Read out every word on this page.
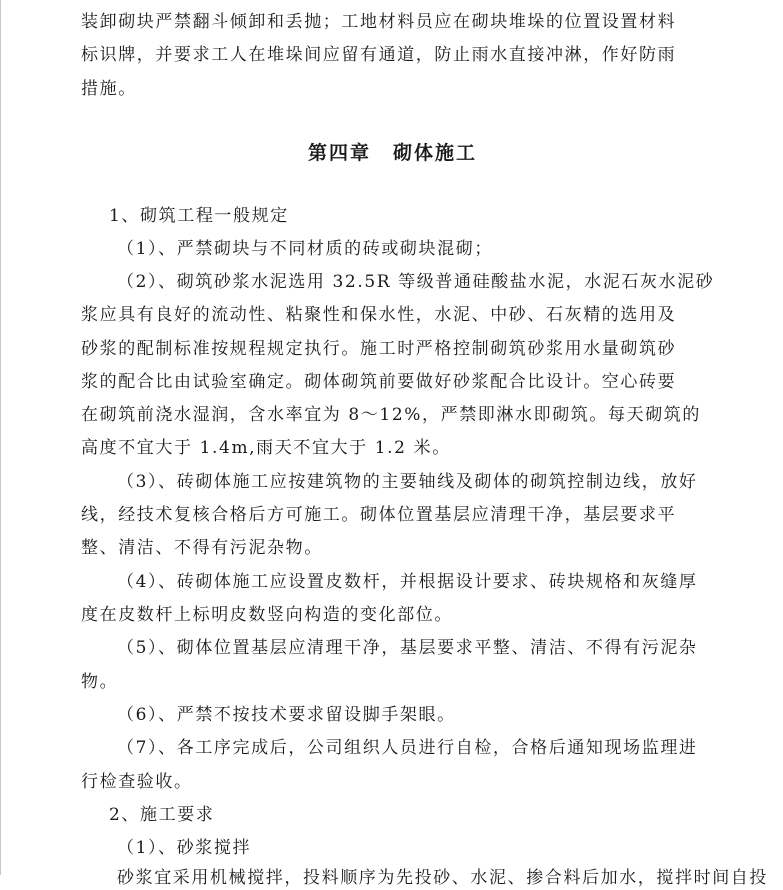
装卸砌块严禁翻斗倾卸和丢抛；工地材料员应在砌块堆垛的位置设置材料
标识牌，并要求工人在堆垛间应留有通道，防止雨水直接冲淋，作好防雨
措施。
第四章 砌体施工
1、砌筑工程一般规定
（1）、严禁砌块与不同材质的砖或砌块混砌；
（2）、砌筑砂浆水泥选用 32.5R 等级普通硅酸盐水泥，水泥石灰水泥砂
浆应具有良好的流动性、粘聚性和保水性，水泥、中砂、石灰精的选用及
砂浆的配制标准按规程规定执行。施工时严格控制砌筑砂浆用水量砌筑砂
浆的配合比由试验室确定。砌体砌筑前要做好砂浆配合比设计。空心砖要
在砌筑前浇水湿润，含水率宜为 8～12%，严禁即淋水即砌筑。每天砌筑的
高度不宜大于 1.4m,雨天不宜大于 1.2 米。
（3）、砖砌体施工应按建筑物的主要轴线及砌体的砌筑控制边线，放好
线，经技术复核合格后方可施工。砌体位置基层应清理干净，基层要求平
整、清洁、不得有污泥杂物。
（4）、砖砌体施工应设置皮数杆，并根据设计要求、砖块规格和灰缝厚
度在皮数杆上标明皮数竖向构造的变化部位。
（5）、砌体位置基层应清理干净，基层要求平整、清洁、不得有污泥杂
物。
（6）、严禁不按技术要求留设脚手架眼。
（7）、各工序完成后，公司组织人员进行自检，合格后通知现场监理进
行检查验收。
2、施工要求
（1）、砂浆搅拌
砂浆宜采用机械搅拌，投料顺序为先投砂、水泥、掺合料后加水，搅拌时间自投
